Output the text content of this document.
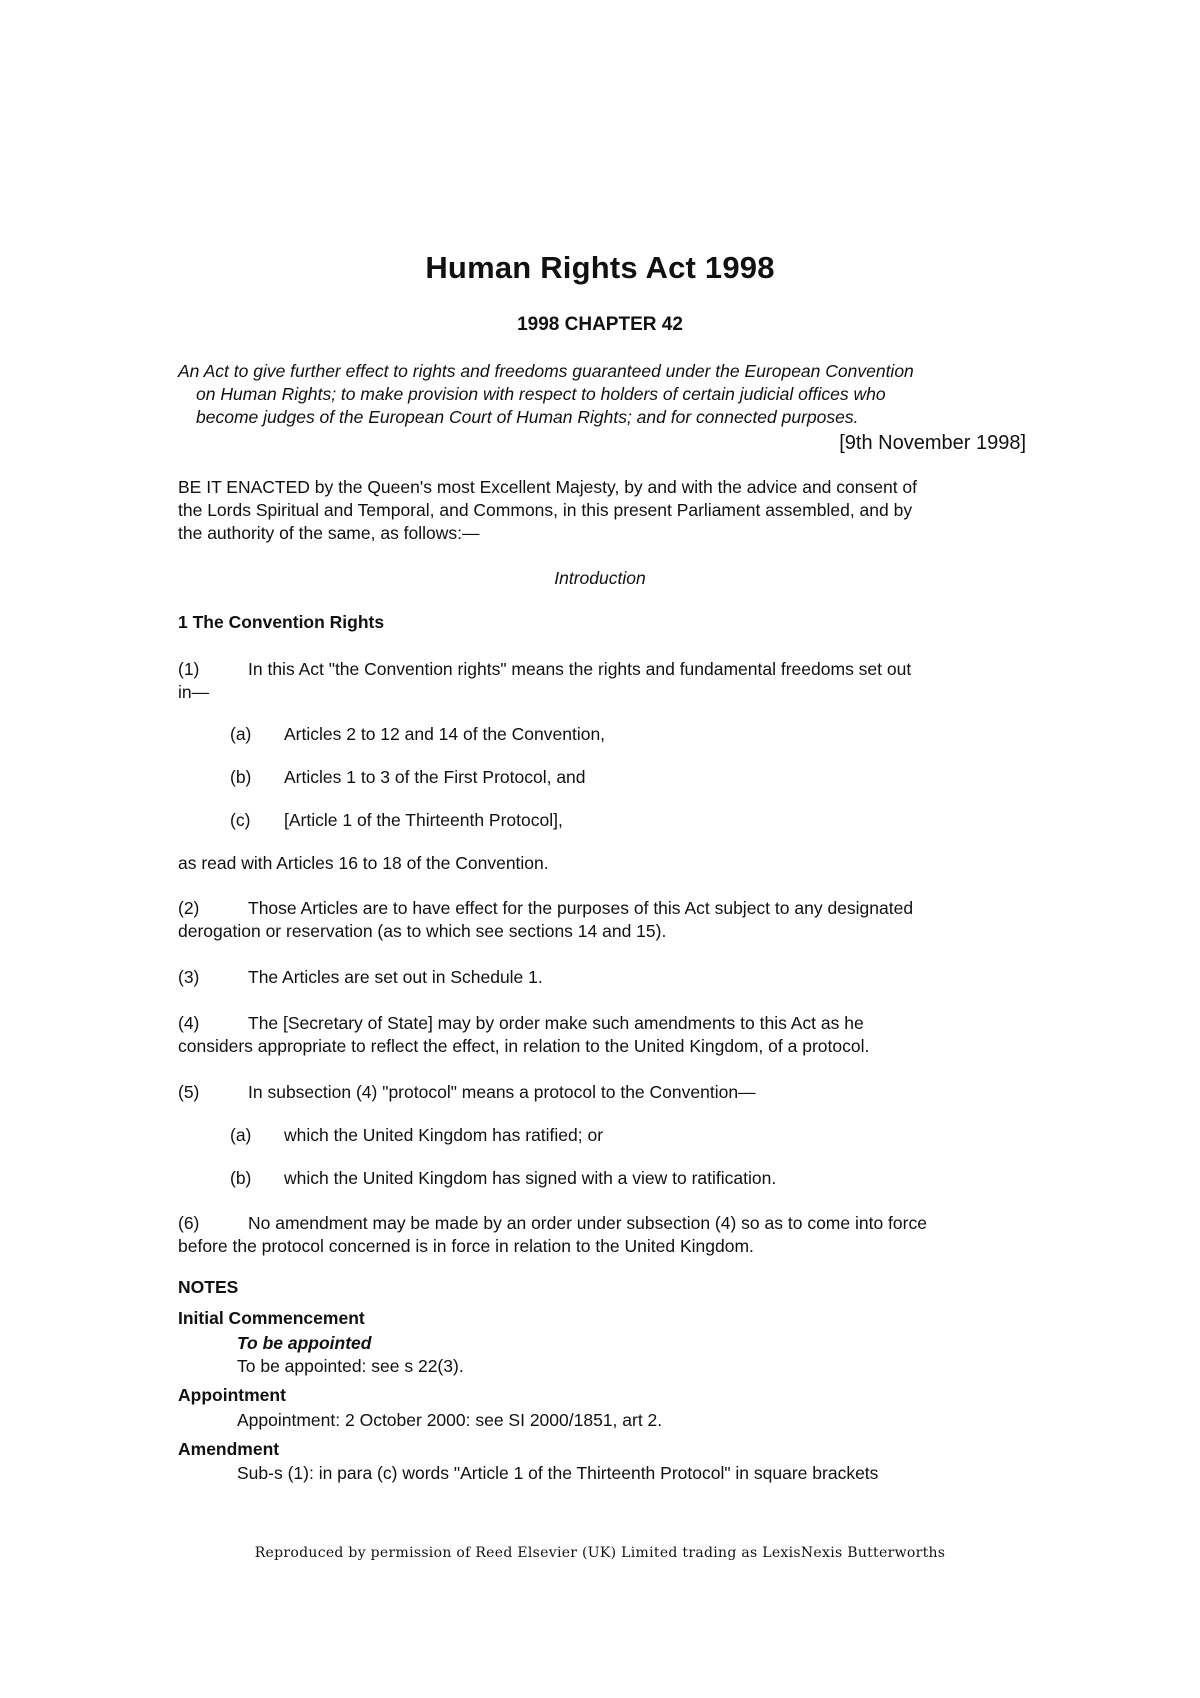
Human Rights Act 1998
1998 CHAPTER 42
An Act to give further effect to rights and freedoms guaranteed under the European Convention
on Human Rights; to make provision with respect to holders of certain judicial offices who
become judges of the European Court of Human Rights; and for connected purposes.
[9th November 1998]
BE IT ENACTED by the Queen's most Excellent Majesty, by and with the advice and consent of
the Lords Spiritual and Temporal, and Commons, in this present Parliament assembled, and by
the authority of the same, as follows:—
Introduction
1 The Convention Rights
(1)	In this Act "the Convention rights" means the rights and fundamental freedoms set out
in—
(a) Articles 2 to 12 and 14 of the Convention,
(b) Articles 1 to 3 of the First Protocol, and
(c) [Article 1 of the Thirteenth Protocol],
as read with Articles 16 to 18 of the Convention.
(2)	Those Articles are to have effect for the purposes of this Act subject to any designated
derogation or reservation (as to which see sections 14 and 15).
(3)	The Articles are set out in Schedule 1.
(4)	The [Secretary of State] may by order make such amendments to this Act as he
considers appropriate to reflect the effect, in relation to the United Kingdom, of a protocol.
(5)	In subsection (4) "protocol" means a protocol to the Convention—
(a) which the United Kingdom has ratified; or
(b) which the United Kingdom has signed with a view to ratification.
(6)	No amendment may be made by an order under subsection (4) so as to come into force
before the protocol concerned is in force in relation to the United Kingdom.
NOTES
Initial Commencement
To be appointed
To be appointed: see s 22(3).
Appointment
Appointment: 2 October 2000: see SI 2000/1851, art 2.
Amendment
Sub-s (1): in para (c) words "Article 1 of the Thirteenth Protocol" in square brackets
Reproduced by permission of Reed Elsevier (UK) Limited trading as LexisNexis Butterworths
